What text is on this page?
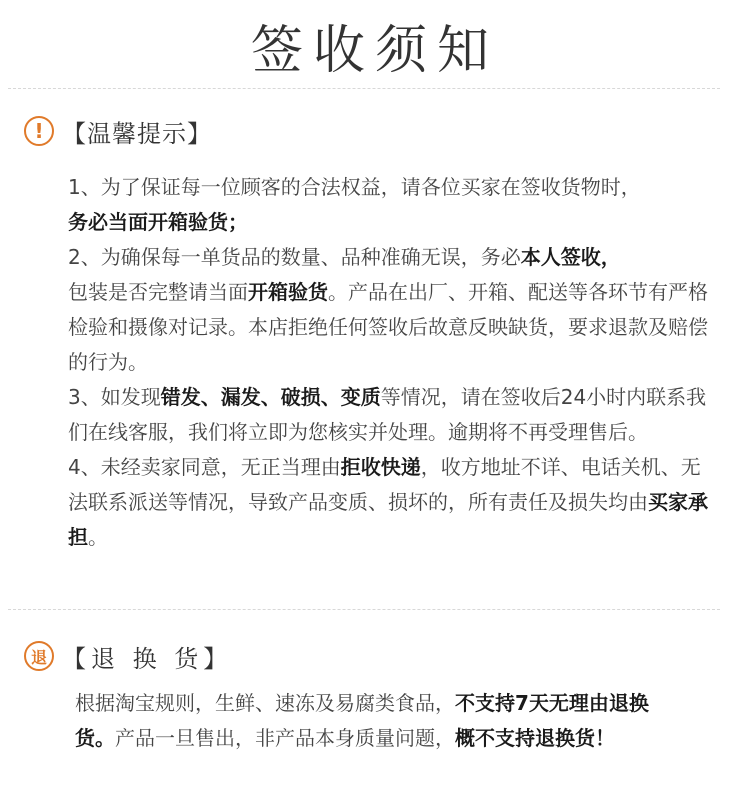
签收须知
! 【温馨提示】

1、为了保证每一位顾客的合法权益，请各位买家在签收货物时，
务必当面开箱验货；

2、为确保每一单货品的数量、品种准确无误，务必本人签收，
包装是否完整请当面开箱验货。产品在出厂、开箱、配送等各环节有严格检验和摄像对记录。本店拒绝任何签收后故意反映缺货，要求退款及赔偿的行为。

3、如发现错发、漏发、破损、变质等情况，请在签收后24小时内联系我们在线客服，我们将立即为您核实并处理。逾期将不再受理售后。

4、未经卖家同意，无正当理由拒收快递，收方地址不详、电话关机、无法联系派送等情况，导致产品变质、损坏的，所有责任及损失均由买家承担。

退 【退 换 货】

根据淘宝规则，生鲜、速冻及易腐类食品，不支持7天无理由退换货。产品一旦售出，非产品本身质量问题，概不支持退换货！
